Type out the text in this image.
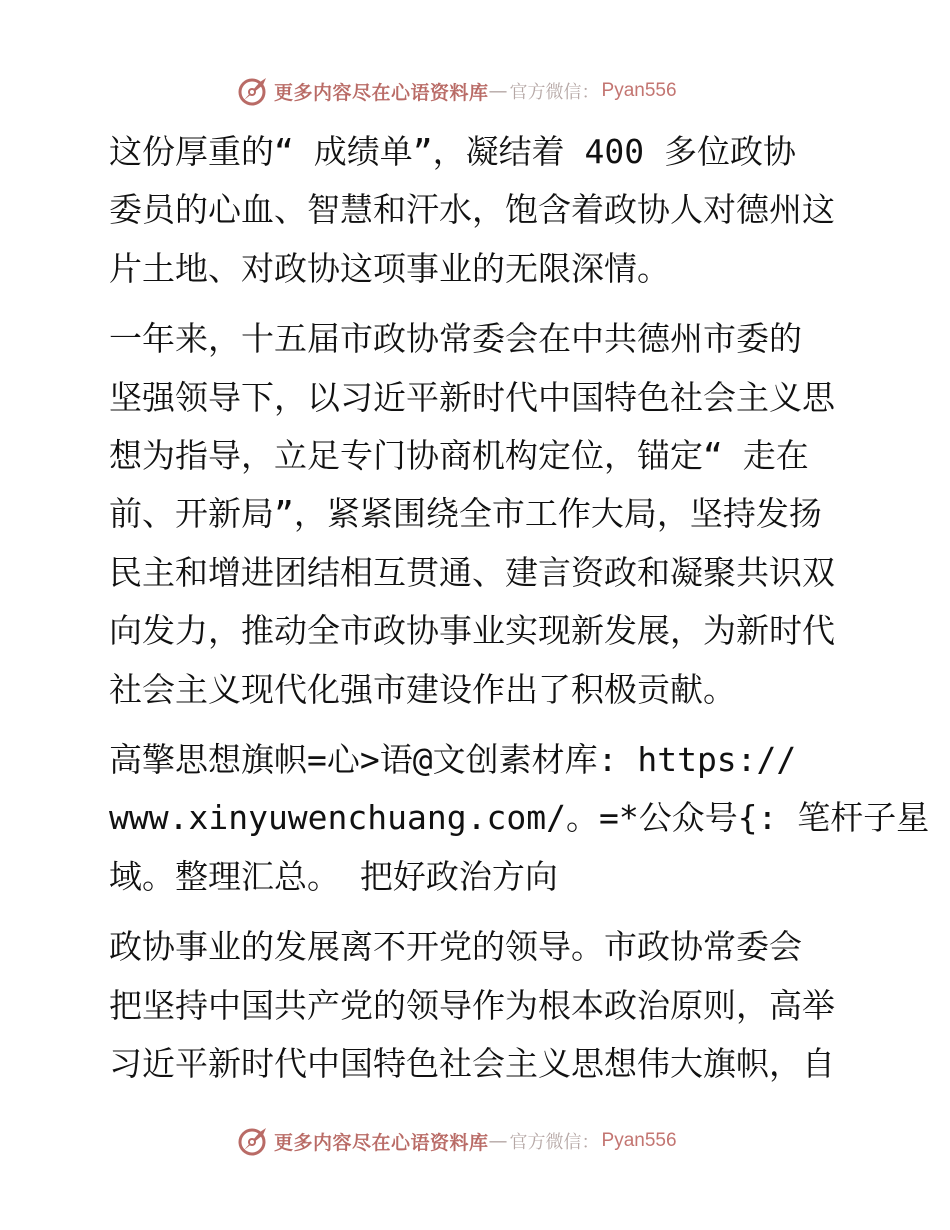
更多内容尽在心语资料库 — 官方微信： Pyan556

这份厚重的“ 成绩单”，凝结着 400 多位政协
委员的心血、智慧和汗水，饱含着政协人对德州这
片土地、对政协这项事业的无限深情。

一年来，十五届市政协常委会在中共德州市委的
坚强领导下，以习近平新时代中国特色社会主义思
想为指导，立足专门协商机构定位，锚定“ 走在
前、开新局”，紧紧围绕全市工作大局，坚持发扬
民主和增进团结相互贯通、建言资政和凝聚共识双
向发力，推动全市政协事业实现新发展，为新时代
社会主义现代化强市建设作出了积极贡献。

高擎思想旗帜=心>语@文创素材库: https://
www.xinyuwenchuang.com/。=*公众号{: 笔杆子星
域。整理汇总。 把好政治方向

政协事业的发展离不开党的领导。市政协常委会
把坚持中国共产党的领导作为根本政治原则，高举
习近平新时代中国特色社会主义思想伟大旗帜，自

更多内容尽在心语资料库 — 官方微信： Pyan556
